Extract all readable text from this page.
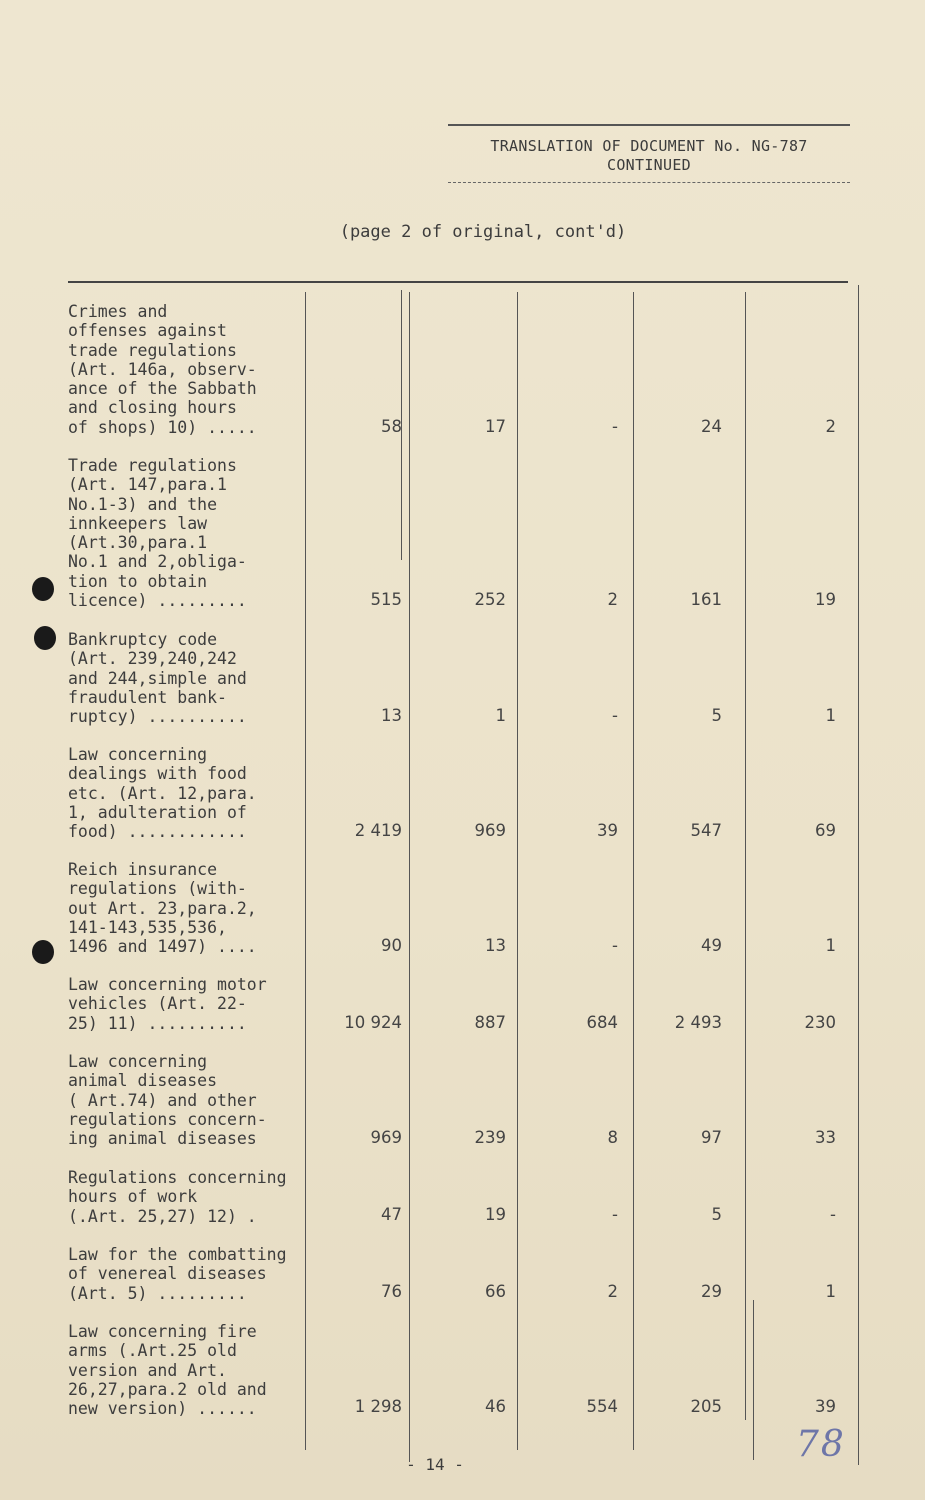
TRANSLATION OF DOCUMENT No. NG-787
CONTINUED
(page 2 of original, cont'd)
Crimes and
offenses against
trade regulations
(Art. 146a, observ-
ance of the Sabbath
and closing hours
of shops) 10) .....	58	17	-	24	2
Trade regulations
(Art. 147,para.1
No.1-3) and the
innkeepers law
(Art.30,para.1
No.1 and 2,obliga-
tion to obtain
licence) .........	515	252	2	161	19
Bankruptcy code
(Art. 239,240,242
and 244,simple and
fraudulent bank-
ruptcy) ..........	13	1	-	5	1
Law concerning
dealings with food
etc. (Art. 12,para.
1, adulteration of
food) ............	2 419	969	39	547	69
Reich insurance
regulations (with-
out Art. 23,para.2,
141-143,535,536,
1496 and 1497) ....	90	13	-	49	1
Law concerning motor
vehicles (Art. 22-
25) 11) ..........	10 924	887	684	2 493	230
Law concerning
animal diseases
( Art.74) and other
regulations concern-
ing animal diseases	969	239	8	97	33
Regulations concerning
hours of work
(.Art. 25,27) 12) .	47	19	-	5	-
Law for the combatting
of venereal diseases
(Art. 5) .........	76	66	2	29	1
Law concerning fire
arms (.Art.25 old
version and Art.
26,27,para.2 old and
new version) ......	1 298	46	554	205	39
- 14 -	78
